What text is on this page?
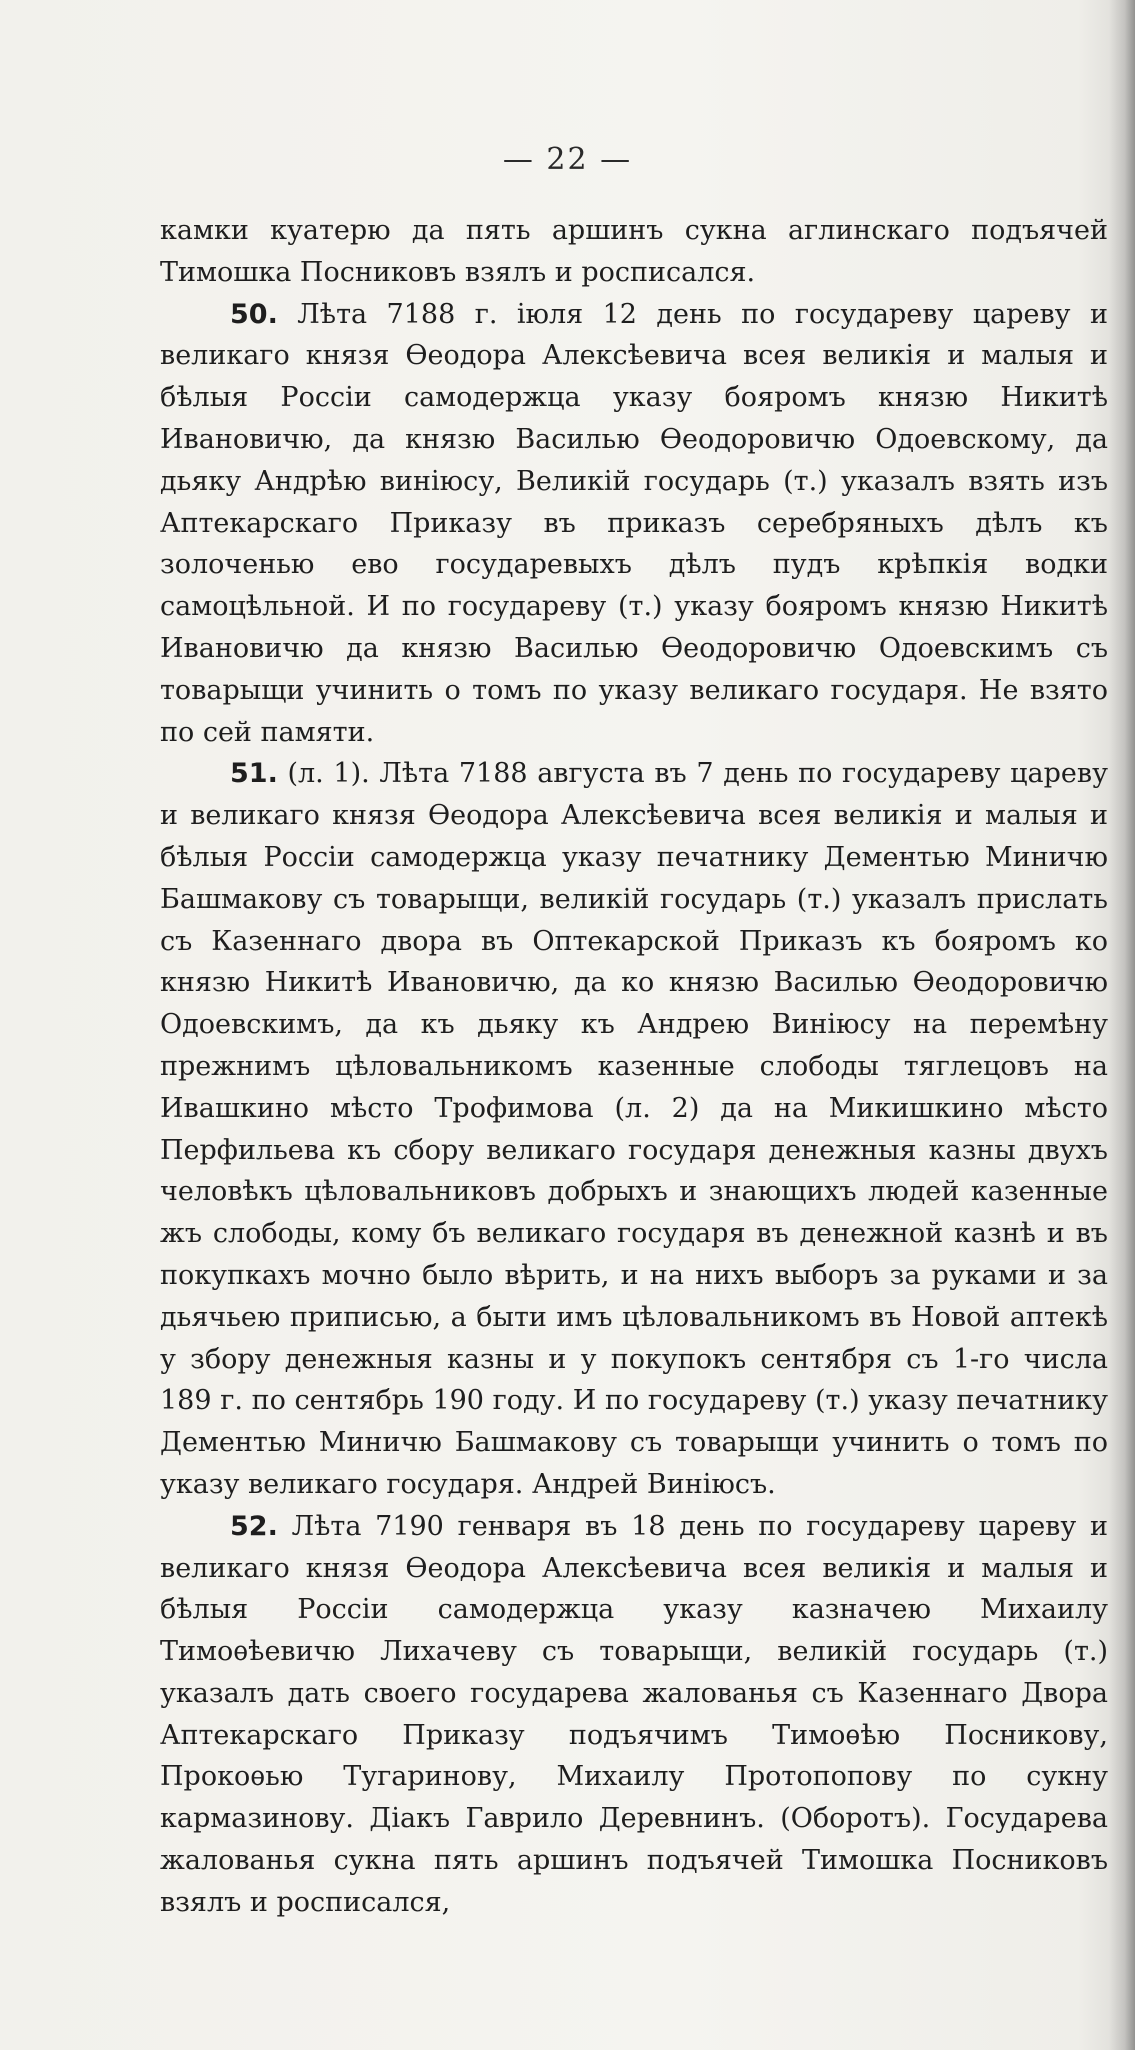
— 22 —

камки куатерю да пять аршинъ сукна аглинскаго подъячей Тимошка Посниковъ взялъ и росписался.

50. Лѣта 7188 г. іюля 12 день по государеву цареву и великаго князя Ѳеодора Алексѣевича всея великія и малыя и бѣлыя Россіи самодержца указу бояромъ князю Никитѣ Ивановичю, да князю Василью Ѳеодоровичю Одоевскому, да дьяку Андрѣю виніюсу, Великій государь (т.) указалъ взять изъ Аптекарскаго Приказу въ приказъ серебряныхъ дѣлъ къ золоченью ево государевыхъ дѣлъ пудъ крѣпкія водки самоцѣльной. И по государеву (т.) указу бояромъ князю Никитѣ Ивановичю да князю Василью Ѳеодоровичю Одоевскимъ съ товарыщи учинить о томъ по указу великаго государя. Не взято по сей памяти.

51. (л. 1). Лѣта 7188 августа въ 7 день по государеву цареву и великаго князя Ѳеодора Алексѣевича всея великія и малыя и бѣлыя Россіи самодержца указу печатнику Дементью Миничю Башмакову съ товарыщи, великій государь (т.) указалъ прислать съ Казеннаго двора въ Оптекарской Приказъ къ бояромъ ко князю Никитѣ Ивановичю, да ко князю Василью Ѳеодоровичю Одоевскимъ, да къ дьяку къ Андрею Виніюсу на перемѣну прежнимъ цѣловальникомъ казенные слободы тяглецовъ на Ивашкино мѣсто Трофимова (л. 2) да на Микишкино мѣсто Перфильева къ сбору великаго государя денежныя казны двухъ человѣкъ цѣловальниковъ добрыхъ и знающихъ людей казенные жъ слободы, кому бъ великаго государя въ денежной казнѣ и въ покупкахъ мочно было вѣрить, и на нихъ выборъ за руками и за дьячьею приписью, а быти имъ цѣловальникомъ въ Новой аптекѣ у збору денежныя казны и у покупокъ сентября съ 1-го числа 189 г. по сентябрь 190 году. И по государеву (т.) указу печатнику Дементью Миничю Башмакову съ товарыщи учинить о томъ по указу великаго государя. Андрей Виніюсъ.

52. Лѣта 7190 генваря въ 18 день по государеву цареву и великаго князя Ѳеодора Алексѣевича всея великія и малыя и бѣлыя Россіи самодержца указу казначею Михаилу Тимоѳѣевичю Лихачеву съ товарыщи, великій государь (т.) указалъ дать своего государева жалованья съ Казеннаго Двора Аптекарскаго Приказу подъячимъ Тимоѳѣю Посникову, Прокоѳью Тугаринову, Михаилу Протопопову по сукну кармазинову. Діакъ Гаврило Деревнинъ. (Оборотъ). Государева жалованья сукна пять аршинъ подъячей Тимошка Посниковъ взялъ и росписался,
